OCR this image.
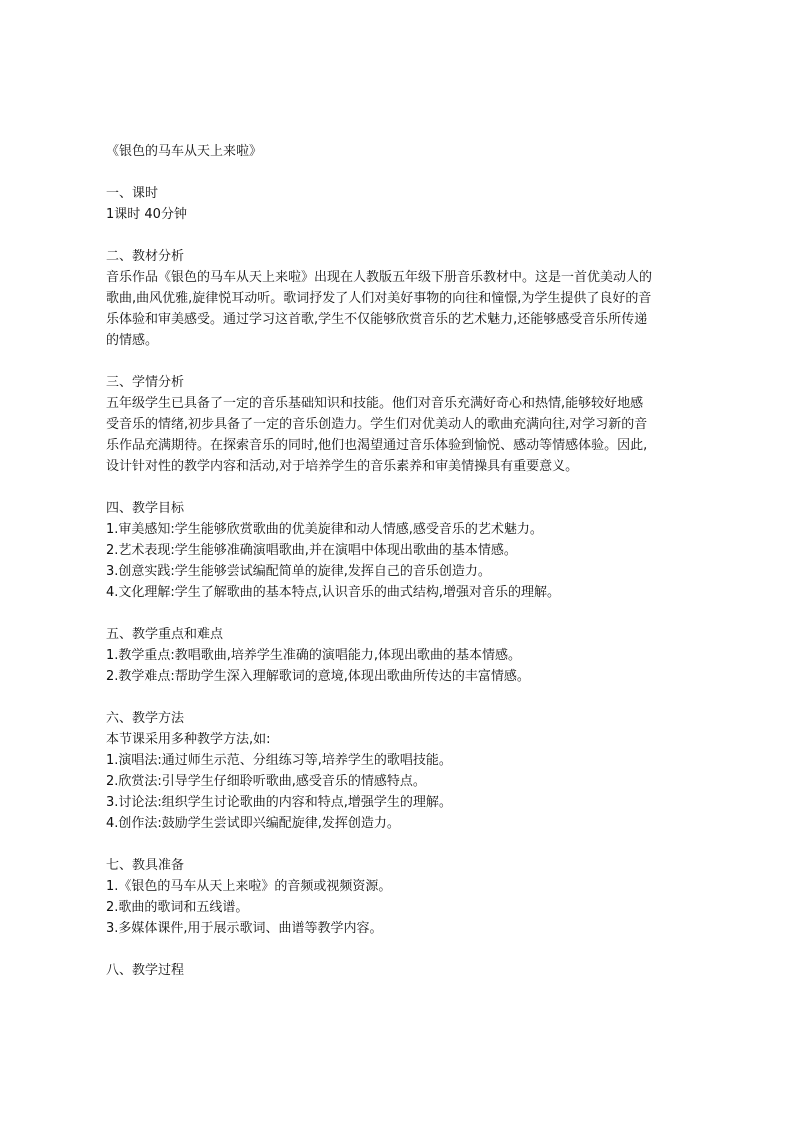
《银色的马车从天上来啦》
一、课时
1课时 40分钟
二、教材分析
音乐作品《银色的马车从天上来啦》出现在人教版五年级下册音乐教材中。这是一首优美动人的
歌曲,曲风优雅,旋律悦耳动听。歌词抒发了人们对美好事物的向往和憧憬,为学生提供了良好的音
乐体验和审美感受。通过学习这首歌,学生不仅能够欣赏音乐的艺术魅力,还能够感受音乐所传递
的情感。
三、学情分析
五年级学生已具备了一定的音乐基础知识和技能。他们对音乐充满好奇心和热情,能够较好地感
受音乐的情绪,初步具备了一定的音乐创造力。学生们对优美动人的歌曲充满向往,对学习新的音
乐作品充满期待。在探索音乐的同时,他们也渴望通过音乐体验到愉悦、感动等情感体验。因此,
设计针对性的教学内容和活动,对于培养学生的音乐素养和审美情操具有重要意义。
四、教学目标
1.审美感知:学生能够欣赏歌曲的优美旋律和动人情感,感受音乐的艺术魅力。
2.艺术表现:学生能够准确演唱歌曲,并在演唱中体现出歌曲的基本情感。
3.创意实践:学生能够尝试编配简单的旋律,发挥自己的音乐创造力。
4.文化理解:学生了解歌曲的基本特点,认识音乐的曲式结构,增强对音乐的理解。
五、教学重点和难点
1.教学重点:教唱歌曲,培养学生准确的演唱能力,体现出歌曲的基本情感。
2.教学难点:帮助学生深入理解歌词的意境,体现出歌曲所传达的丰富情感。
六、教学方法
本节课采用多种教学方法,如:
1.演唱法:通过师生示范、分组练习等,培养学生的歌唱技能。
2.欣赏法:引导学生仔细聆听歌曲,感受音乐的情感特点。
3.讨论法:组织学生讨论歌曲的内容和特点,增强学生的理解。
4.创作法:鼓励学生尝试即兴编配旋律,发挥创造力。
七、教具准备
1.《银色的马车从天上来啦》的音频或视频资源。
2.歌曲的歌词和五线谱。
3.多媒体课件,用于展示歌词、曲谱等教学内容。
八、教学过程
